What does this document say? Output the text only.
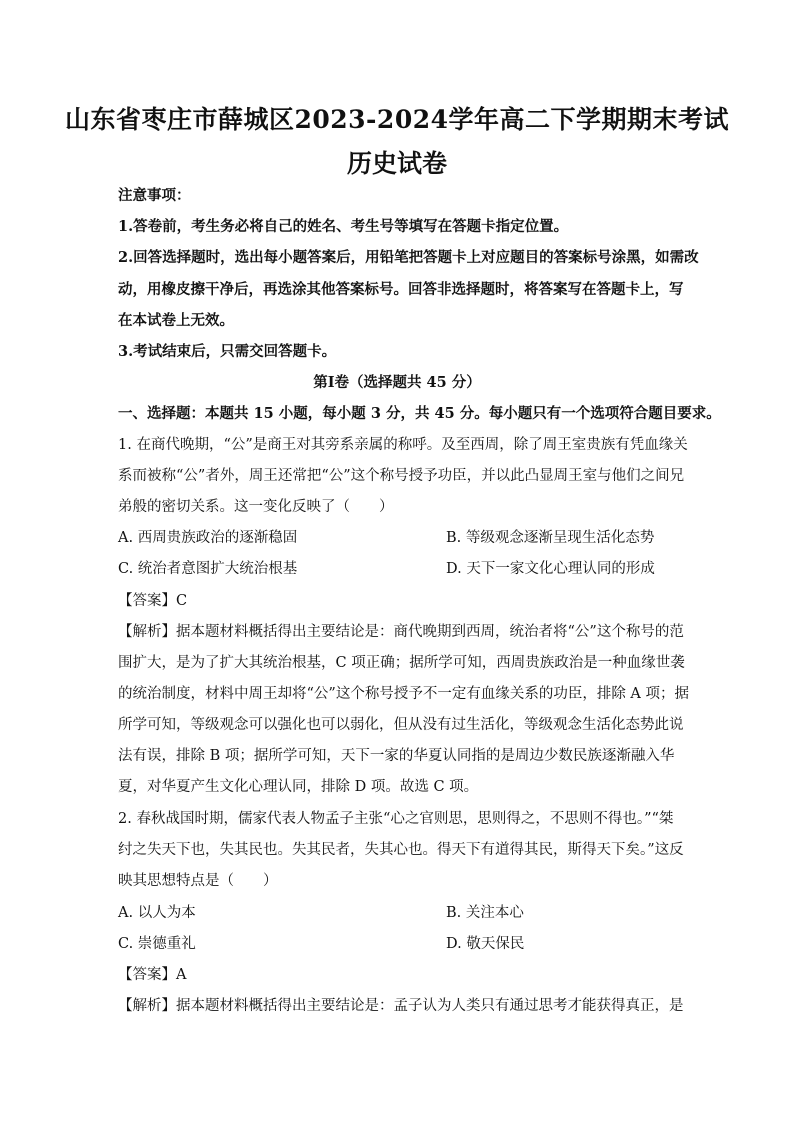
山东省枣庄市薛城区2023-2024学年高二下学期期末考试
历史试卷
注意事项：
1.答卷前，考生务必将自己的姓名、考生号等填写在答题卡指定位置。
2.回答选择题时，选出每小题答案后，用铅笔把答题卡上对应题目的答案标号涂黑，如需改
动，用橡皮擦干净后，再选涂其他答案标号。回答非选择题时，将答案写在答题卡上，写
在本试卷上无效。
3.考试结束后，只需交回答题卡。
第Ⅰ卷（选择题共 45 分）
一、选择题：本题共 15 小题，每小题 3 分，共 45 分。每小题只有一个选项符合题目要求。
1. 在商代晚期，“公”是商王对其旁系亲属的称呼。及至西周，除了周王室贵族有凭血缘关
系而被称“公”者外，周王还常把“公”这个称号授予功臣，并以此凸显周王室与他们之间兄
弟般的密切关系。这一变化反映了（　　）
A. 西周贵族政治的逐渐稳固	B. 等级观念逐渐呈现生活化态势
C. 统治者意图扩大统治根基	D. 天下一家文化心理认同的形成
【答案】C
【解析】据本题材料概括得出主要结论是：商代晚期到西周，统治者将“公”这个称号的范
围扩大，是为了扩大其统治根基，C 项正确；据所学可知，西周贵族政治是一种血缘世袭
的统治制度，材料中周王却将“公”这个称号授予不一定有血缘关系的功臣，排除 A 项；据
所学可知，等级观念可以强化也可以弱化，但从没有过生活化，等级观念生活化态势此说
法有误，排除 B 项；据所学可知，天下一家的华夏认同指的是周边少数民族逐渐融入华
夏，对华夏产生文化心理认同，排除 D 项。故选 C 项。
2. 春秋战国时期，儒家代表人物孟子主张“心之官则思，思则得之，不思则不得也。”“桀
纣之失天下也，失其民也。失其民者，失其心也。得天下有道得其民，斯得天下矣。”这反
映其思想特点是（　　）
A. 以人为本	B. 关注本心
C. 崇德重礼	D. 敬天保民
【答案】A
【解析】据本题材料概括得出主要结论是：孟子认为人类只有通过思考才能获得真正，是
